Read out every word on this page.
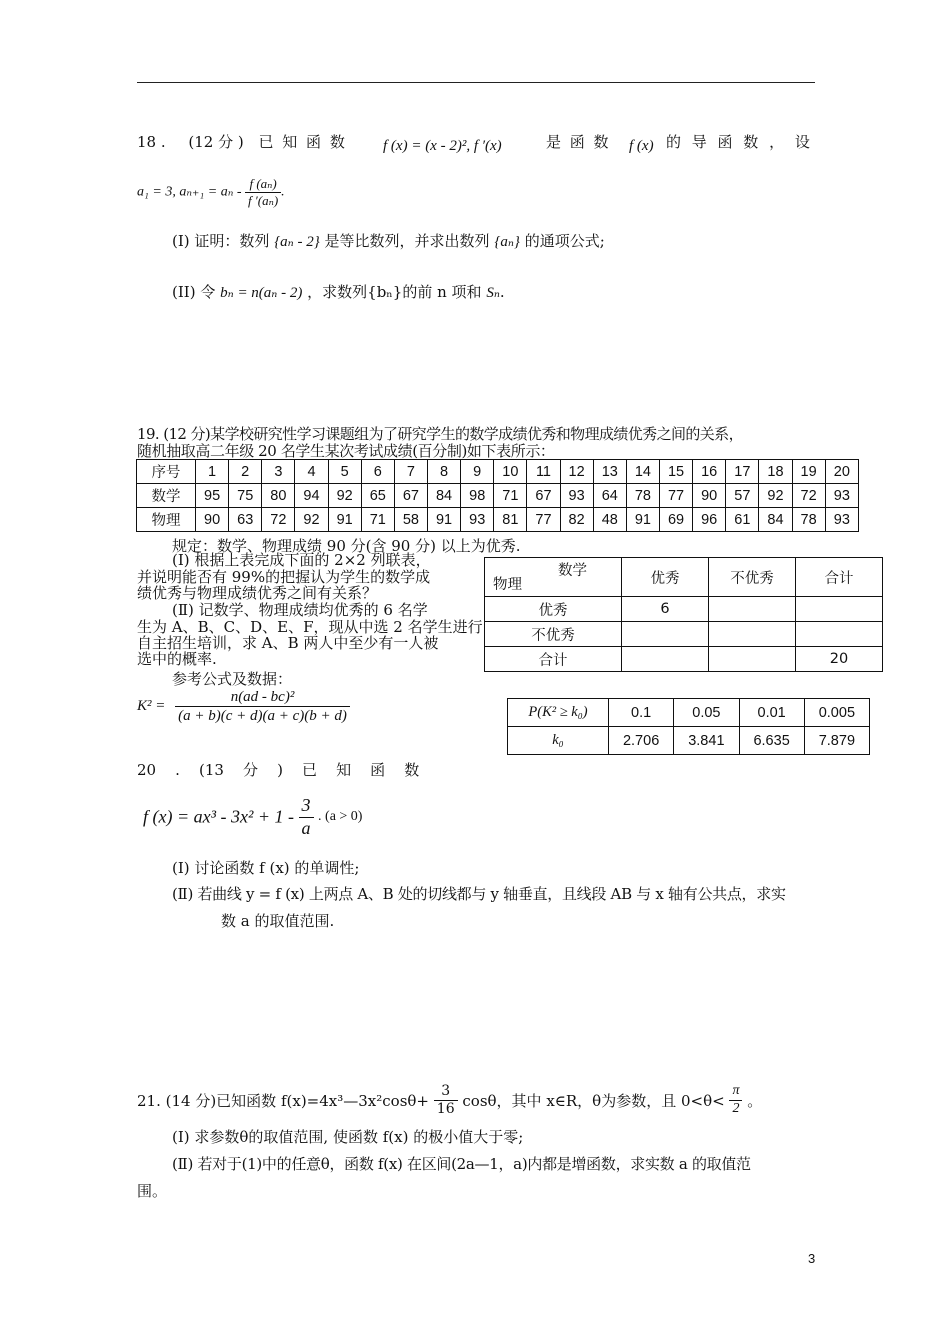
18 . (12 分 ) 已 知 函 数 f (x) = (x - 2)², f ′(x)	是 函 数 f (x) 的 导 函 数 ， 设
a₁ = 3, $a_{n+1} = a_n - \frac{\text{f (aₙ)}}{\text{f ′(aₙ)}}$ .
(I) 证明：数列 {aₙ - 2} 是等比数列，并求出数列 {aₙ} 的通项公式;
(II) 令 bₙ = n(aₙ - 2) ，求数列{bₙ}的前 n 项和 Sₙ.
19. (12 分)某学校研究性学习课题组为了研究学生的数学成绩优秀和物理成绩优秀之间的关系，
随机抽取高二年级 20 名学生某次考试成绩(百分制)如下表所示：
序号	1	2	3	4	5	6	7	8	9	10	11	12	13	14	15	16	17	18	19	20
数学	95	75	80	94	92	65	67	84	98	71	67	93	64	78	77	90	57	92	72	93
物理	90	63	72	92	91	71	58	91	93	81	77	82	48	91	69	96	61	84	78	93
规定：数学、物理成绩 90 分(含 90 分) 以上为优秀.
(Ⅰ) 根据上表完成下面的 2×2 列联表，
并说明能否有 99%的把握认为学生的数学成
绩优秀与物理成绩优秀之间有关系？
(Ⅱ) 记数学、物理成绩均优秀的 6 名学
生为 A、B、C、D、E、F，现从中选 2 名学生进行
自主招生培训，求 A、B 两人中至少有一人被
选中的概率.
参考公式及数据：
$K^2 = \frac{\text{n(ad - bc)²}}{(a + b)(c + d)(a + c)(b + d)}$
数学
物理	优秀	不优秀	合计
优秀	6		
不优秀			
合计			20
P(K² ≥ k₀)	0.1	0.05	0.01	0.005
k₀	2.706	3.841	6.635	7.879
20    .    (13    分    )    已    知    函    数
f $(x) = ax^3 - 3x^2 + 1 - \frac{3}{a}$ . (a > 0)
(Ⅰ) 讨论函数 f (x) 的单调性;
(Ⅱ) 若曲线 y = f (x) 上两点 A、B 处的切线都与 y 轴垂直，且线段 AB 与 x 轴有公共点，求实
数 a 的取值范围.
21. (14 分)已知函数 f(x)=4x³—3x²cosθ+ $\frac{3}{16}$ cosθ，其中 x∈R，θ为参数，且 $0<\theta< \frac{\pi}{2}$ 。
(Ⅰ) 求参数θ的取值范围, 使函数 f(x) 的极小值大于零;
(Ⅱ) 若对于(1)中的任意θ，函数 f(x) 在区间(2a—1，a)内都是增函数，求实数 a 的取值范
围。
3
